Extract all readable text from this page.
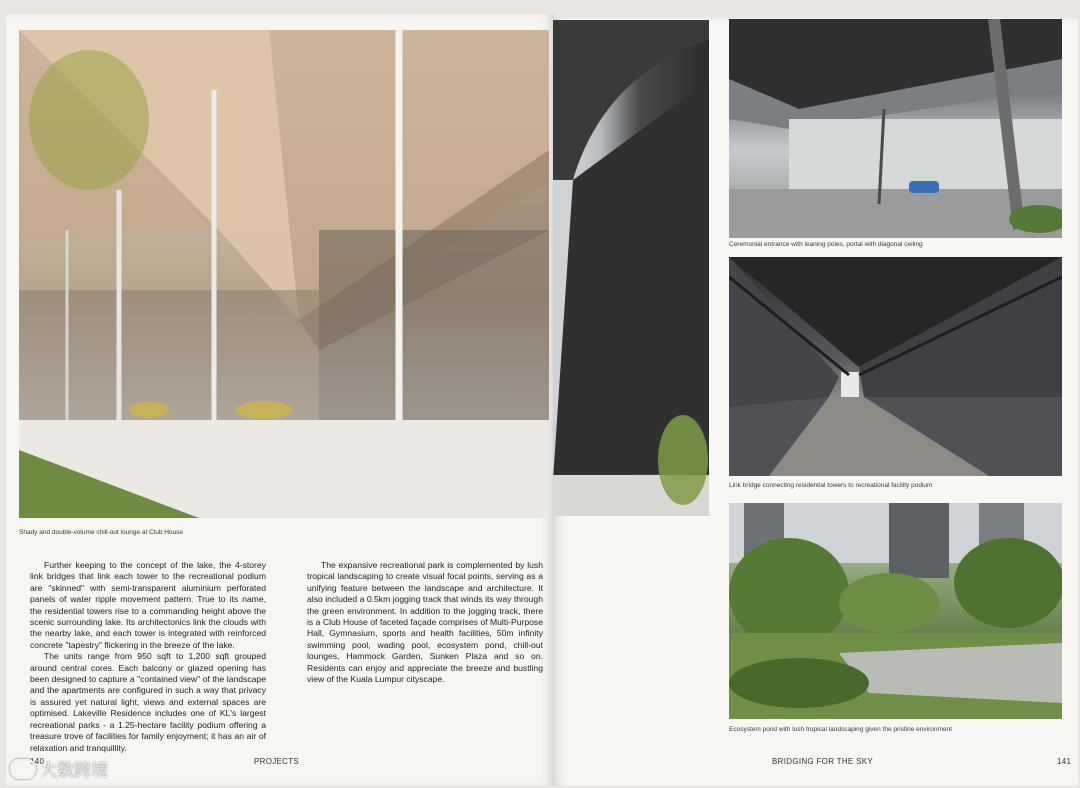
Shady and double-volume chill-out lounge at Club House
Ceremonial entrance with leaning poles, portal with diagonal ceiling
Link bridge connecting residential towers to recreational facility podium
Ecosystem pond with lush tropical landscaping given the pristine environment

Further keeping to the concept of the lake, the 4-storey link bridges that link each tower to the recreational podium are "skinned" with semi-transparent aluminium perforated panels of water ripple movement pattern. True to its name, the residential towers rise to a commanding height above the scenic surrounding lake. Its architectonics link the clouds with the nearby lake, and each tower is integrated with reinforced concrete "tapestry" flickering in the breeze of the lake.

The units range from 950 sqft to 1,200 sqft grouped around central cores. Each balcony or glazed opening has been designed to capture a "contained view" of the landscape and the apartments are configured in such a way that privacy is assured yet natural light, views and external spaces are optimised. Lakeville Residence includes one of KL's largest recreational parks - a 1.25-hectare facility podium offering a treasure trove of facilities for family enjoyment; it has an air of relaxation and tranquillity.

The expansive recreational park is complemented by lush tropical landscaping to create visual focal points, serving as a unifying feature between the landscape and architecture. It also included a 0.5km jogging track that winds its way through the green environment. In addition to the jogging track, there is a Club House of faceted façade comprises of Multi-Purpose Hall, Gymnasium, sports and health facilities, 50m infinity swimming pool, wading pool, ecosystem pond, chill-out lounges, Hammock Garden, Sunken Plaza and so on. Residents can enjoy and appreciate the breeze and bustling view of the Kuala Lumpur cityscape.

140	PROJECTS	BRIDGING FOR THE SKY	141
大数跨境
